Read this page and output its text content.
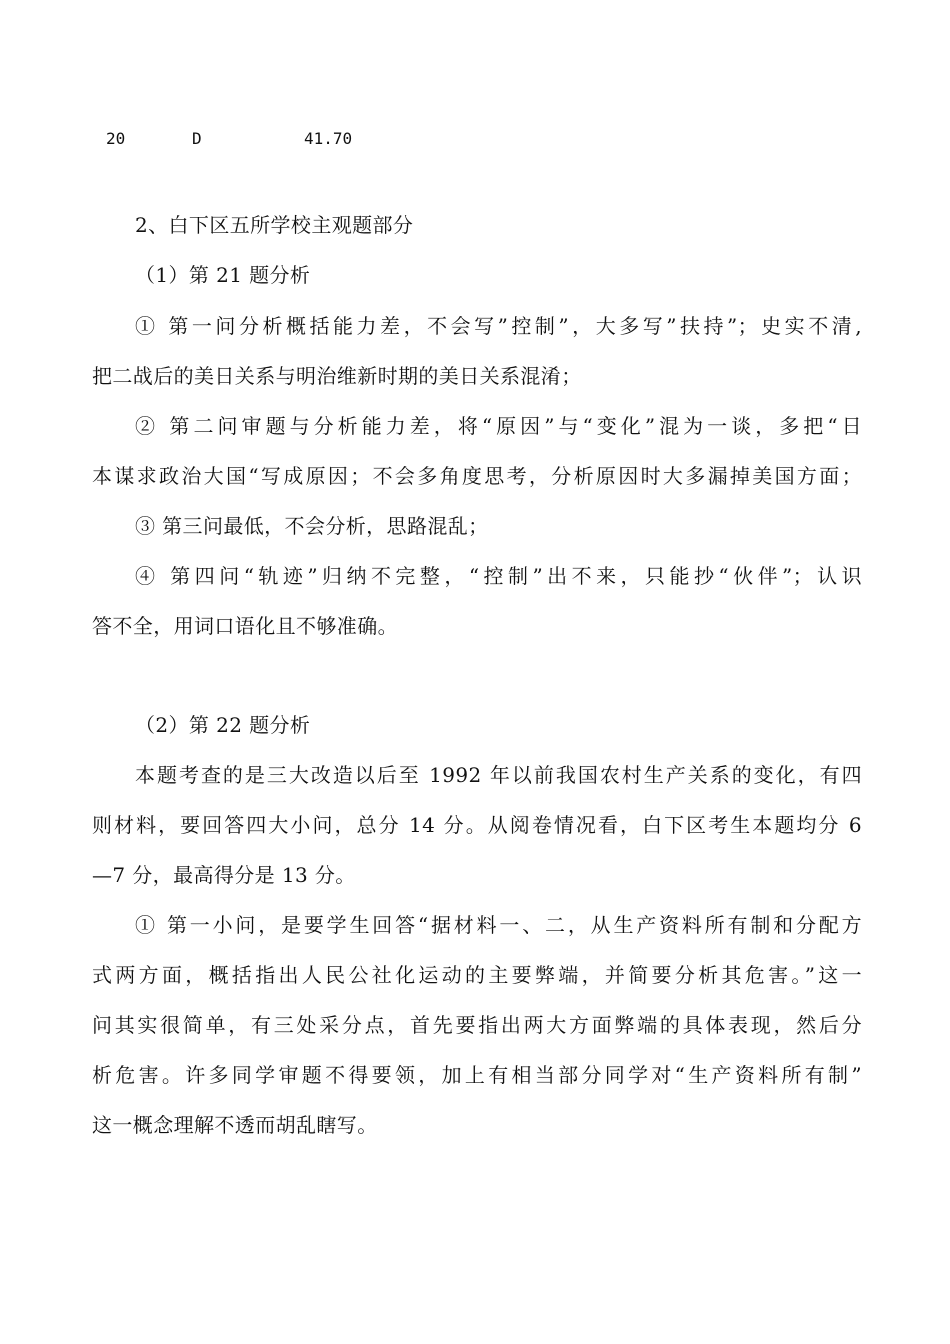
20	D	41.70
2、白下区五所学校主观题部分
（1）第 21 题分析
① 第一问分析概括能力差，不会写”控制”，大多写”扶持”；史实不清,
把二战后的美日关系与明治维新时期的美日关系混淆；
② 第二问审题与分析能力差，将“原因”与“变化”混为一谈，多把“日
本谋求政治大国“写成原因；不会多角度思考，分析原因时大多漏掉美国方面；
③ 第三问最低，不会分析，思路混乱；
④ 第四问“轨迹”归纳不完整，“控制”出不来，只能抄“伙伴”；认识
答不全，用词口语化且不够准确。
（2）第 22 题分析
本题考查的是三大改造以后至 1992 年以前我国农村生产关系的变化，有四
则材料，要回答四大小问，总分 14 分。从阅卷情况看，白下区考生本题均分 6
—7 分，最高得分是 13 分。
① 第一小问，是要学生回答“据材料一、二，从生产资料所有制和分配方
式两方面，概括指出人民公社化运动的主要弊端，并简要分析其危害。”这一
问其实很简单，有三处采分点，首先要指出两大方面弊端的具体表现，然后分
析危害。许多同学审题不得要领，加上有相当部分同学对“生产资料所有制”
这一概念理解不透而胡乱瞎写。
